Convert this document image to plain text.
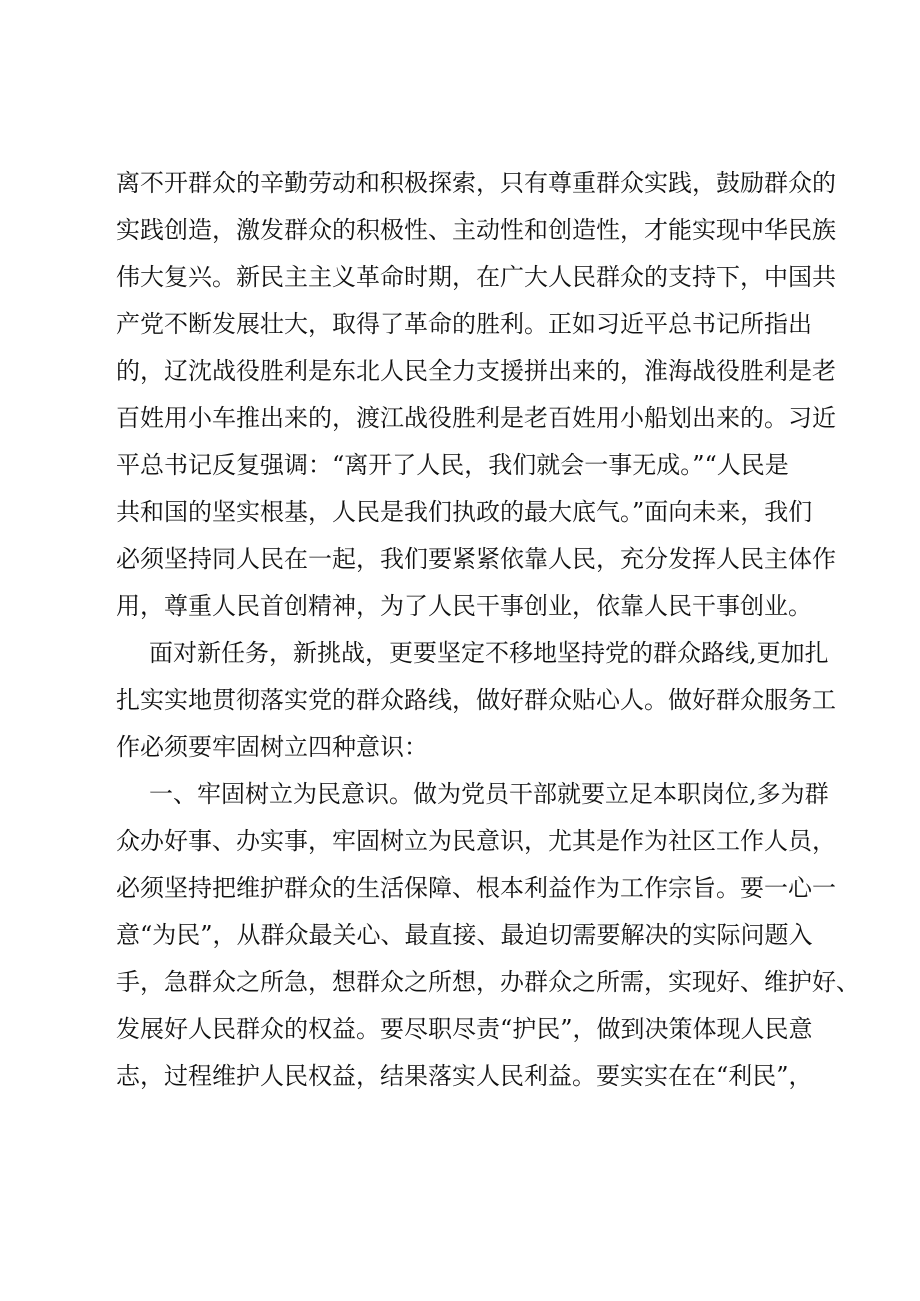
离不开群众的辛勤劳动和积极探索，只有尊重群众实践，鼓励群众的
实践创造，激发群众的积极性、主动性和创造性，才能实现中华民族
伟大复兴。新民主主义革命时期，在广大人民群众的支持下，中国共
产党不断发展壮大，取得了革命的胜利。正如习近平总书记所指出
的，辽沈战役胜利是东北人民全力支援拼出来的，淮海战役胜利是老
百姓用小车推出来的，渡江战役胜利是老百姓用小船划出来的。习近
平总书记反复强调：“离开了人民，我们就会一事无成。”“人民是
共和国的坚实根基，人民是我们执政的最大底气。”面向未来，我们
必须坚持同人民在一起，我们要紧紧依靠人民，充分发挥人民主体作
用，尊重人民首创精神，为了人民干事创业，依靠人民干事创业。
面对新任务，新挑战，更要坚定不移地坚持党的群众路线,更加扎
扎实实地贯彻落实党的群众路线，做好群众贴心人。做好群众服务工
作必须要牢固树立四种意识：
一、牢固树立为民意识。做为党员干部就要立足本职岗位,多为群
众办好事、办实事，牢固树立为民意识，尤其是作为社区工作人员，
必须坚持把维护群众的生活保障、根本利益作为工作宗旨。要一心一
意“为民”，从群众最关心、最直接、最迫切需要解决的实际问题入
手，急群众之所急，想群众之所想，办群众之所需，实现好、维护好、
发展好人民群众的权益。要尽职尽责“护民”，做到决策体现人民意
志，过程维护人民权益，结果落实人民利益。要实实在在“利民”，
